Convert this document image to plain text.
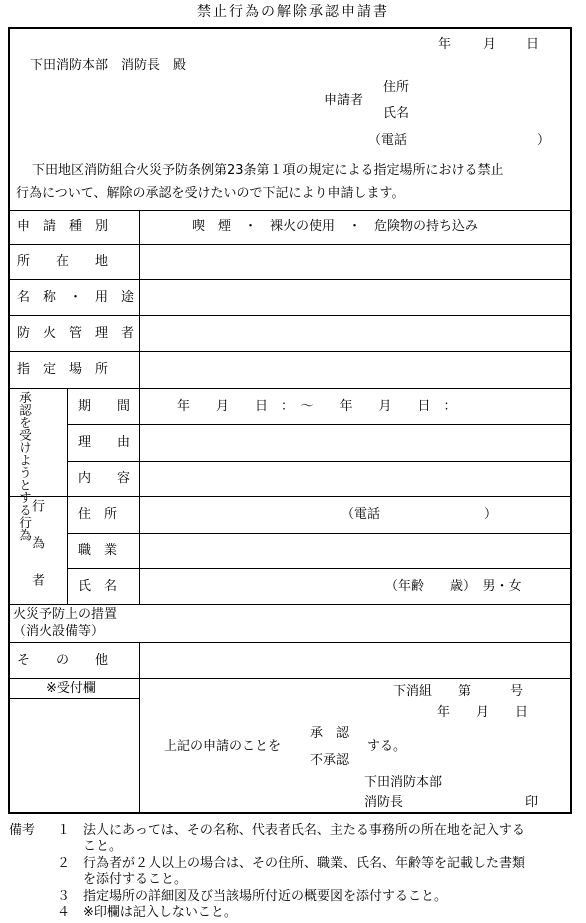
禁止行為の解除承認申請書
年 月 日
下田消防本部　消防長　殿
申請者
住所
氏名
（電話　　　　　　　　　　）
下田地区消防組合火災予防条例第23条第１項の規定による指定場所における禁止
行為について、解除の承認を受けたいので下記により申請します。
申　請　種　別	喫　煙　・　裸火の使用　・　危険物の持ち込み
所　　在　　地
名　称　・　用　途
防　火　管　理　者
指　定　場　所
承認を受けようとする行為	期　　間	年　　月　　日　：　〜　　年　　月　　日　：
理　　由
内　　容
行為者	住　所	（電話　　　　　　　　）
職　業
氏　名	（年齢　　歳）　男・女
火災予防上の措置
（消火設備等）
そ　　の　　他
※受付欄	下消組　　第　　　号
年　　月　　日
上記の申請のことを
承　認
不承認
する。
下田消防本部
消防長	印
備考 １ 法人にあっては、その名称、代表者氏名、主たる事務所の所在地を記入する
こと。
２ 行為者が２人以上の場合は、その住所、職業、氏名、年齢等を記載した書類
を添付すること。
３ 指定場所の詳細図及び当該場所付近の概要図を添付すること。
４ ※印欄は記入しないこと。
